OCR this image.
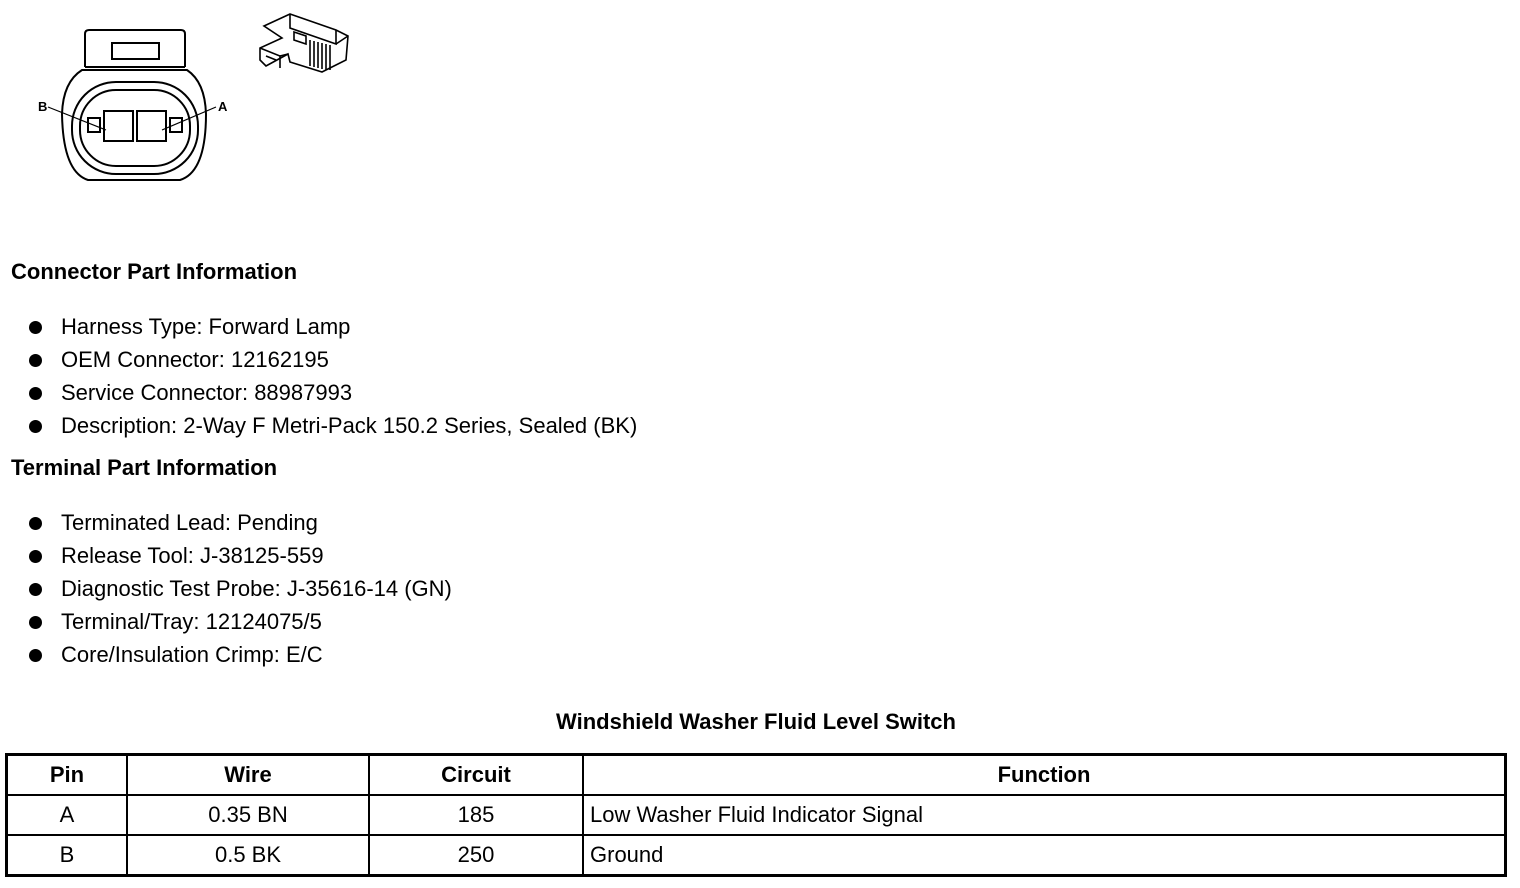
B	A
Connector Part Information
Harness Type: Forward Lamp
OEM Connector: 12162195
Service Connector: 88987993
Description: 2-Way F Metri-Pack 150.2 Series, Sealed (BK)
Terminal Part Information
Terminated Lead: Pending
Release Tool: J-38125-559
Diagnostic Test Probe: J-35616-14 (GN)
Terminal/Tray: 12124075/5
Core/Insulation Crimp: E/C
Windshield Washer Fluid Level Switch
Pin	Wire	Circuit	Function
A	0.35 BN	185	Low Washer Fluid Indicator Signal
B	0.5 BK	250	Ground
